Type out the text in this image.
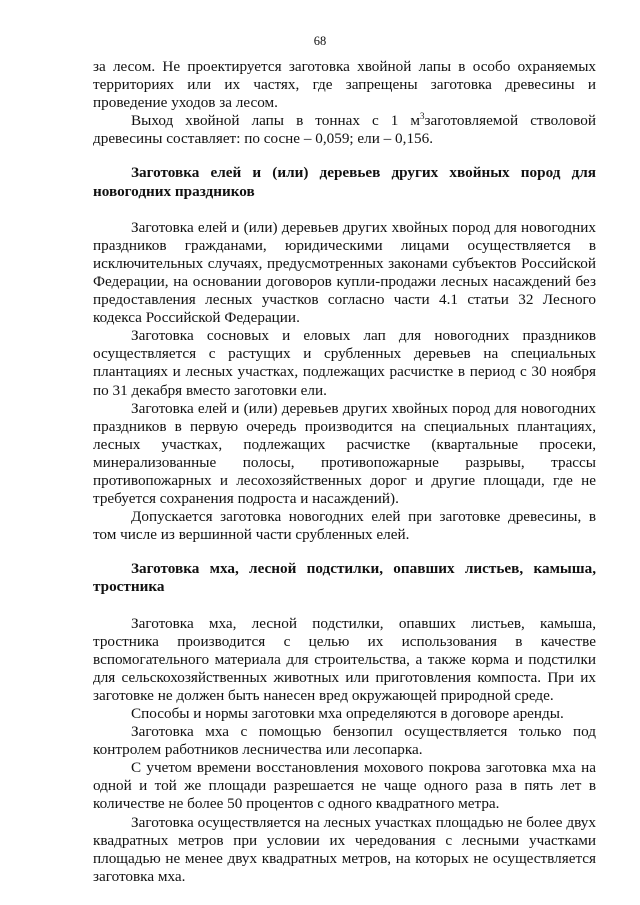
68

за лесом. Не проектируется заготовка хвойной лапы в особо охраняемых территориях или их частях, где запрещены заготовка древесины и проведение уходов за лесом.

Выход хвойной лапы в тоннах с 1 $м^3заготовляемой$ стволовой древесины составляет: по сосне – 0,059; ели – 0,156.

Заготовка елей и (или) деревьев других хвойных пород для новогодних праздников

Заготовка елей и (или) деревьев других хвойных пород для новогодних праздников гражданами, юридическими лицами осуществляется в исключительных случаях, предусмотренных законами субъектов Российской Федерации, на основании договоров купли-продажи лесных насаждений без предоставления лесных участков согласно части 4.1 статьи 32 Лесного кодекса Российской Федерации.

Заготовка сосновых и еловых лап для новогодних праздников осуществляется с растущих и срубленных деревьев на специальных плантациях и лесных участках, подлежащих расчистке в период с 30 ноября по 31 декабря вместо заготовки ели.

Заготовка елей и (или) деревьев других хвойных пород для новогодних праздников в первую очередь производится на специальных плантациях, лесных участках, подлежащих расчистке (квартальные просеки, минерализованные полосы, противопожарные разрывы, трассы противопожарных и лесохозяйственных дорог и другие площади, где не требуется сохранения подроста и насаждений).

Допускается заготовка новогодних елей при заготовке древесины, в том числе из вершинной части срубленных елей.

Заготовка мха, лесной подстилки, опавших листьев, камыша, тростника

Заготовка мха, лесной подстилки, опавших листьев, камыша, тростника производится с целью их использования в качестве вспомогательного материала для строительства, а также корма и подстилки для сельскохозяйственных животных или приготовления компоста. При их заготовке не должен быть нанесен вред окружающей природной среде.

Способы и нормы заготовки мха определяются в договоре аренды.

Заготовка мха с помощью бензопил осуществляется только под контролем работников лесничества или лесопарка.

С учетом времени восстановления мохового покрова заготовка мха на одной и той же площади разрешается не чаще одного раза в пять лет в количестве не более 50 процентов с одного квадратного метра.

Заготовка осуществляется на лесных участках площадью не более двух квадратных метров при условии их чередования с лесными участками площадью не менее двух квадратных метров, на которых не осуществляется заготовка мха.
